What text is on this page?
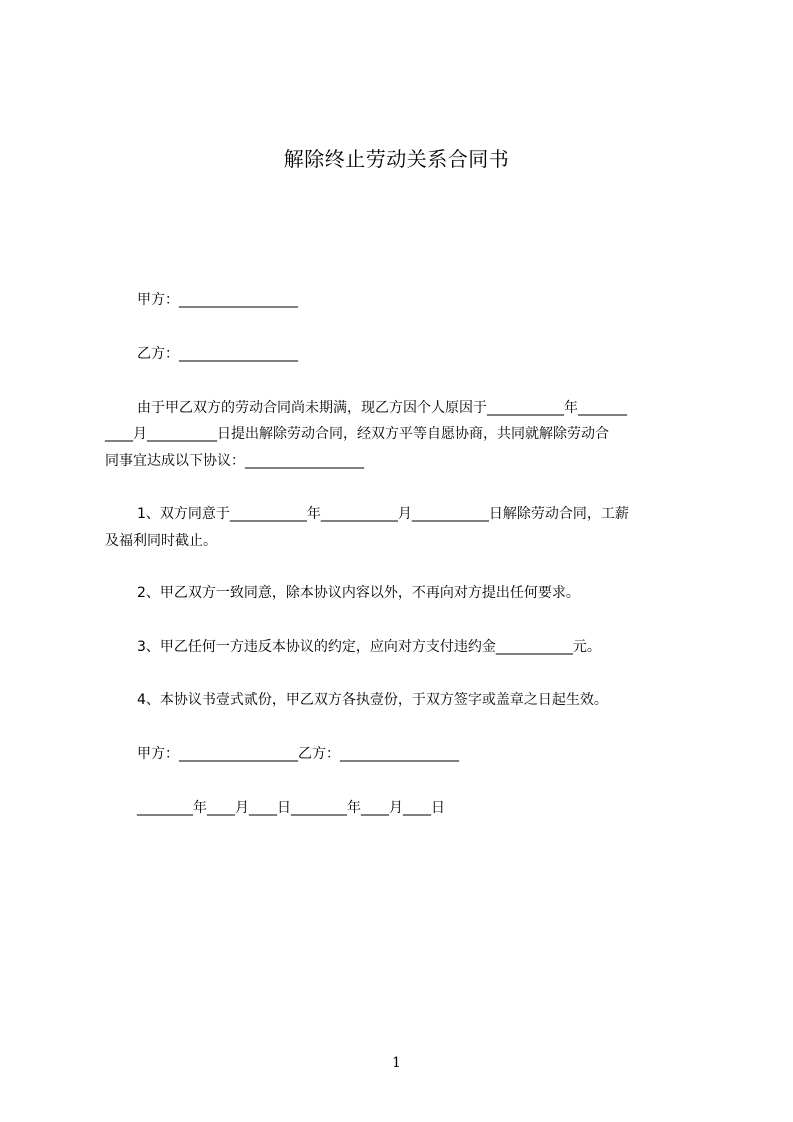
解除终止劳动关系合同书
甲方：_________________
乙方：_________________
由于甲乙双方的劳动合同尚未期满，现乙方因个人原因于___________年_______
____月__________日提出解除劳动合同，经双方平等自愿协商，共同就解除劳动合
同事宜达成以下协议：_________________
1、双方同意于___________年___________月___________日解除劳动合同，工薪
及福利同时截止。
2、甲乙双方一致同意，除本协议内容以外，不再向对方提出任何要求。
3、甲乙任何一方违反本协议的约定，应向对方支付违约金___________元。
4、本协议书壹式贰份，甲乙双方各执壹份，于双方签字或盖章之日起生效。
甲方：_________________乙方：_________________
________年____月____日________年____月____日
1
